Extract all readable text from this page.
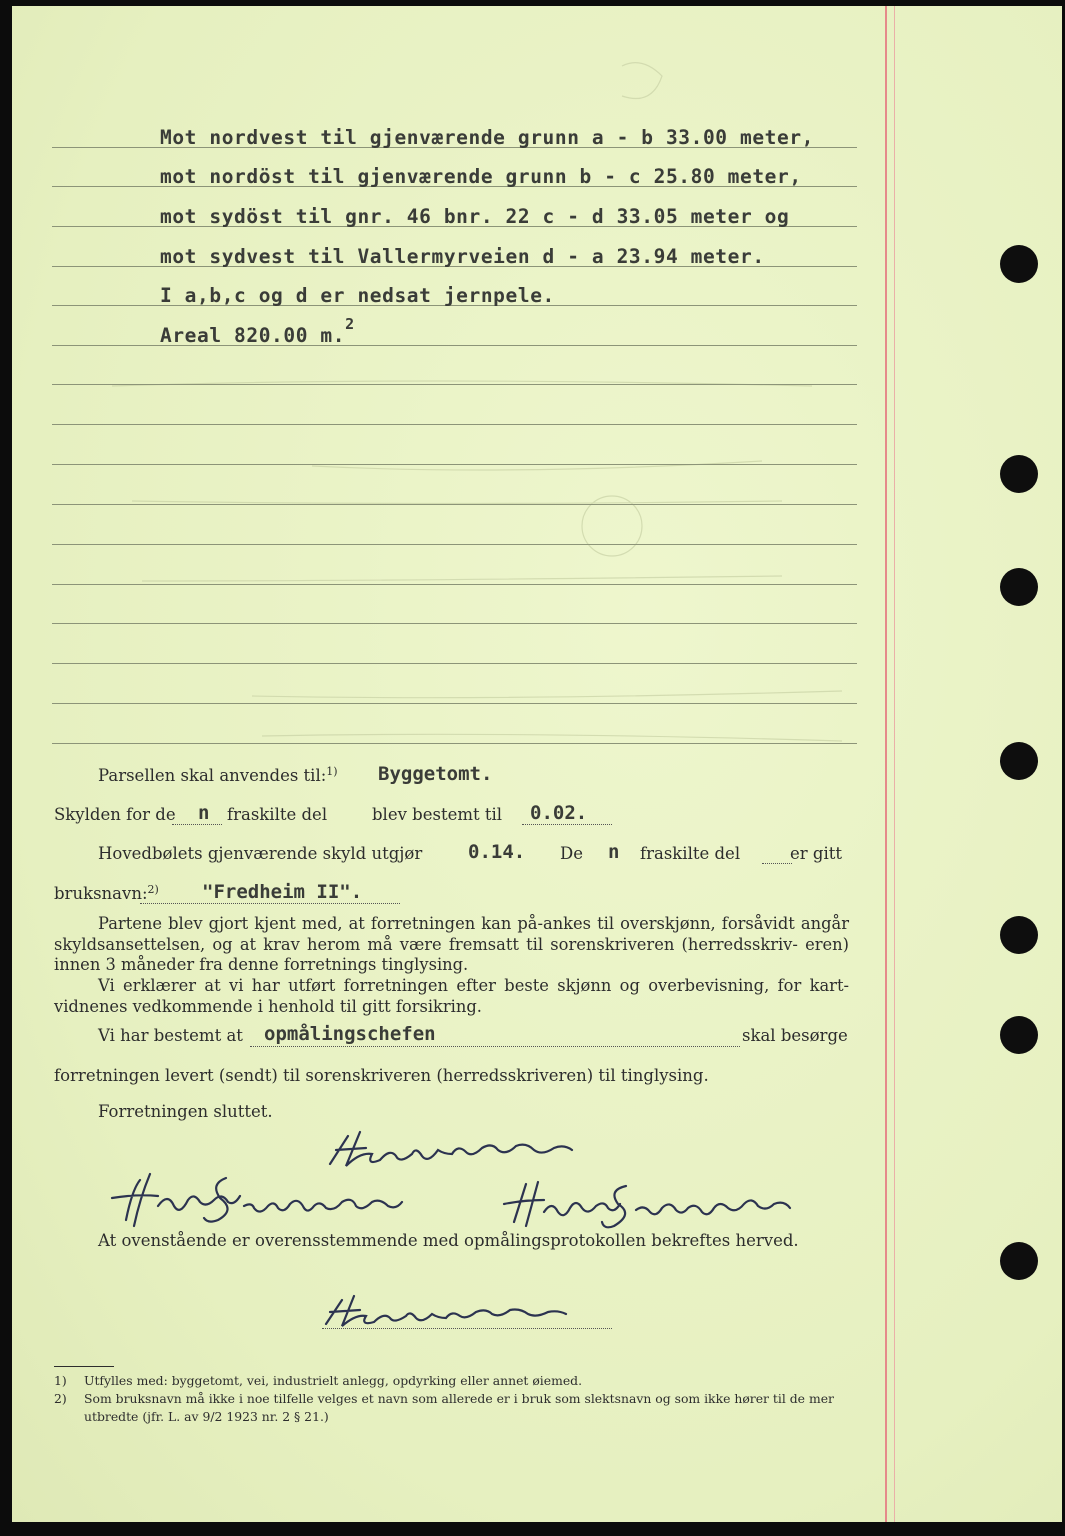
Mot nordvest til gjenværende grunn a - b 33.00 meter,
mot nordöst til gjenværende grunn b - c 25.80 meter,
mot sydöst til gnr. 46 bnr. 22 c - d 33.05 meter og
mot sydvest til Vallermyrveien d - a 23.94 meter.
I a,b,c og d er nedsat jernpele.
Areal 820.00 m.$^2$
Parsellen skal anvendes til:$^{1)}$ Byggetomt.
Skylden for de n fraskilte del	blev bestemt til 0.02.
Hovedbølets gjenværende skyld utgjør 0.14. De n fraskilte del	er gitt
bruksnavn:$^{2)}$ "Fredheim II".
Partene blev gjort kjent med, at forretningen kan på-ankes til overskjønn, forsåvidt angår skyldsansettelsen, og at krav herom må være fremsatt til sorenskriveren (herredsskriv- eren) innen 3 måneder fra denne forretnings tinglysing.
Vi erklærer at vi har utført forretningen efter beste skjønn og overbevisning, for kart- vidnenes vedkommende i henhold til gitt forsikring.
Vi har bestemt at opmålingschefen	skal besørge
forretningen levert (sendt) til sorenskriveren (herredsskriveren) til tinglysing.
Forretningen sluttet.
At ovenstående er overensstemmende med opmålingsprotokollen bekreftes herved.
1) Utfylles med: byggetomt, vei, industrielt anlegg, opdyrking eller annet øiemed.
2) Som bruksnavn må ikke i noe tilfelle velges et navn som allerede er i bruk som slektsnavn og som ikke hører til de mer utbredte (jfr. L. av 9/2 1923 nr. 2 § 21.)
